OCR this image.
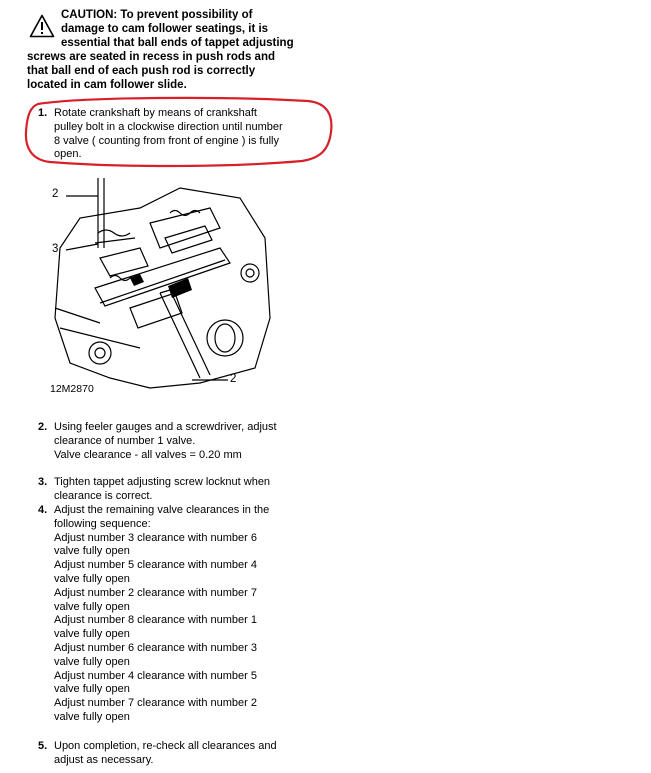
CAUTION: To prevent possibility of
damage to cam follower seatings, it is
essential that ball ends of tappet adjusting
screws are seated in recess in push rods and
that ball end of each push rod is correctly
located in cam follower slide.
1. Rotate crankshaft by means of crankshaft
pulley bolt in a clockwise direction until number
8 valve ( counting from front of engine ) is fully
open.
2
3
2
12M2870
2. Using feeler gauges and a screwdriver, adjust
clearance of number 1 valve.
Valve clearance - all valves = 0.20 mm
3. Tighten tappet adjusting screw locknut when
clearance is correct.
4. Adjust the remaining valve clearances in the
following sequence:
Adjust number 3 clearance with number 6
valve fully open
Adjust number 5 clearance with number 4
valve fully open
Adjust number 2 clearance with number 7
valve fully open
Adjust number 8 clearance with number 1
valve fully open
Adjust number 6 clearance with number 3
valve fully open
Adjust number 4 clearance with number 5
valve fully open
Adjust number 7 clearance with number 2
valve fully open
5. Upon completion, re-check all clearances and
adjust as necessary.
